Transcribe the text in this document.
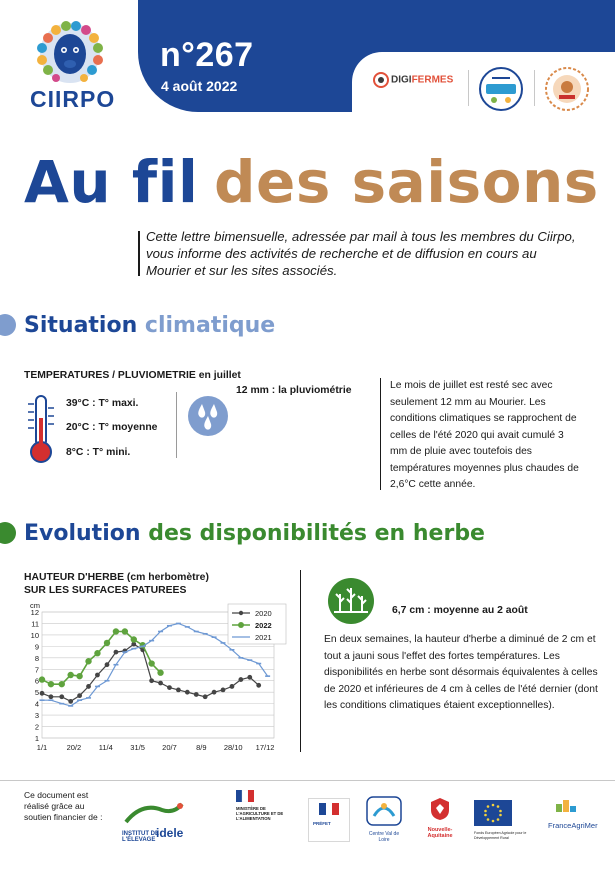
CIIRPO
n°267
4 août 2022	DIGIFERMES
Au fil des saisons
Cette lettre bimensuelle, adressée par mail à tous les membres du Ciirpo, vous informe des activités de recherche et de diffusion en cours au Mourier et sur les sites associés.
Situation climatique
TEMPERATURES / PLUVIOMETRIE en juillet
39°C : T° maxi.
20°C : T° moyenne
8°C : T° mini.
12 mm : la pluviométrie	Le mois de juillet est resté sec avec seulement 12 mm au Mourier. Les conditions climatiques se rapprochent de celles de l'été 2020 qui avait cumulé 3 mm de pluie avec toutefois des températures moyennes plus chaudes de 2,6°C cette année.
Evolution des disponibilités en herbe
HAUTEUR D'HERBE (cm herbomètre)
SUR LES SURFACES PATUREES
1
2
3
4
5
6
7
8
9
10
11
12
cm
1/1	20/2 11/4 31/5 20/7	8/9 28/10 17/12
2020
2022
2021
6,7 cm : moyenne au 2 août
En deux semaines, la hauteur d'herbe a diminué de 2 cm et tout a jauni sous l'effet des fortes températures. Les disponibilités en herbe sont désormais équivalentes à celles de 2020 et inférieures de 4 cm à celles de l'été dernier (dont les conditions climatiques étaient exceptionnelles).
Ce document est réalisé grâce au soutien financier de :
INSTITUT DE L'ÉLEVAGE idele
MINISTÈRE DE L'AGRICULTURE ET DE L'ALIMENTATION
PRÉFET
Centre Val de Loire
Nouvelle-Aquitaine	Fonds Européen Agricole pour le Développement Rural
FranceAgriMer
